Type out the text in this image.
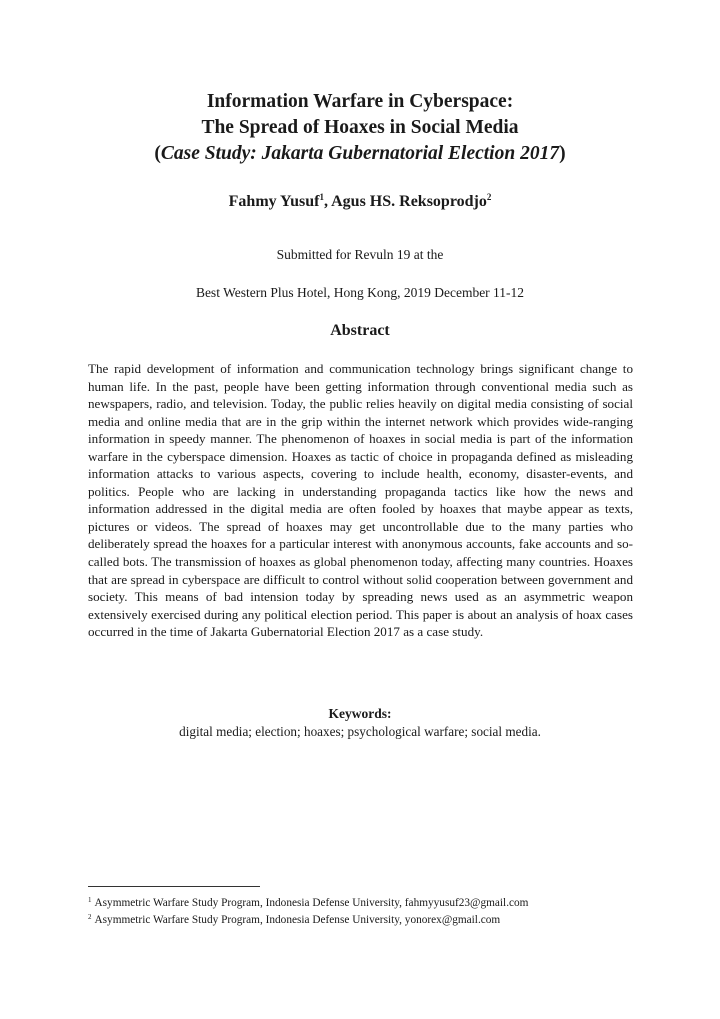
Information Warfare in Cyberspace:
The Spread of Hoaxes in Social Media
(Case Study: Jakarta Gubernatorial Election 2017)
Fahmy Yusuf$^1$, Agus HS. Reksoprodjo$^2$
Submitted for Revuln 19 at the
Best Western Plus Hotel, Hong Kong, 2019 December 11-12
Abstract

The rapid development of information and communication technology brings significant change to human life. In the past, people have been getting information through conventional media such as newspapers, radio, and television. Today, the public relies heavily on digital media consisting of social media and online media that are in the grip within the internet network which provides wide-ranging information in speedy manner. The phenomenon of hoaxes in social media is part of the information warfare in the cyberspace dimension. Hoaxes as tactic of choice in propaganda defined as misleading information attacks to various aspects, covering to include health, economy, disaster-events, and politics. People who are lacking in understanding propaganda tactics like how the news and information addressed in the digital media are often fooled by hoaxes that maybe appear as texts, pictures or videos. The spread of hoaxes may get uncontrollable due to the many parties who deliberately spread the hoaxes for a particular interest with anonymous accounts, fake accounts and so-called bots. The transmission of hoaxes as global phenomenon today, affecting many countries. Hoaxes that are spread in cyberspace are difficult to control without solid cooperation between government and society. This means of bad intension today by spreading news used as an asymmetric weapon extensively exercised during any political election period. This paper is about an analysis of hoax cases occurred in the time of Jakarta Gubernatorial Election 2017 as a case study.

Keywords:
digital media; election; hoaxes; psychological warfare; social media.
$^1$ Asymmetric Warfare Study Program, Indonesia Defense University, fahmyyusuf23@gmail.com
$^2$ Asymmetric Warfare Study Program, Indonesia Defense University, yonorex@gmail.com
